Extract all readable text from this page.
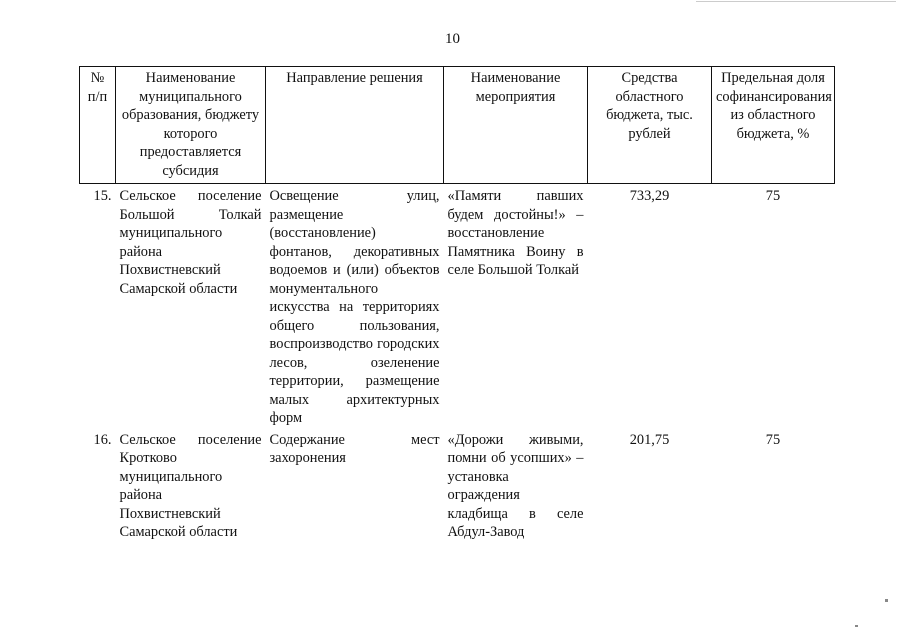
10
№ п/п	Наименование муниципального образования, бюджету которого предоставляется субсидия	Направление решения	Наименование мероприятия	Средства областного бюджета, тыс. рублей	Предельная доля софинансирования из областного бюджета, %
15.	Сельское поселение Большой Толкай муниципального района Похвистневский Самарской области	Освещение улиц, размещение (восстановление) фонтанов, декоративных водоемов и (или) объектов монументального искусства на территориях общего пользования, воспроизводство городских лесов, озеленение территории, размещение малых архитектурных форм	«Памяти павших будем достойны!» – восстановление Памятника Воину в селе Большой Толкай	733,29	75
16.	Сельское поселение Кротково муниципального района Похвистневский Самарской области	Содержание мест захоронения	«Дорожи живыми, помни об усопших» – установка ограждения кладбища в селе Абдул-Завод	201,75	75
